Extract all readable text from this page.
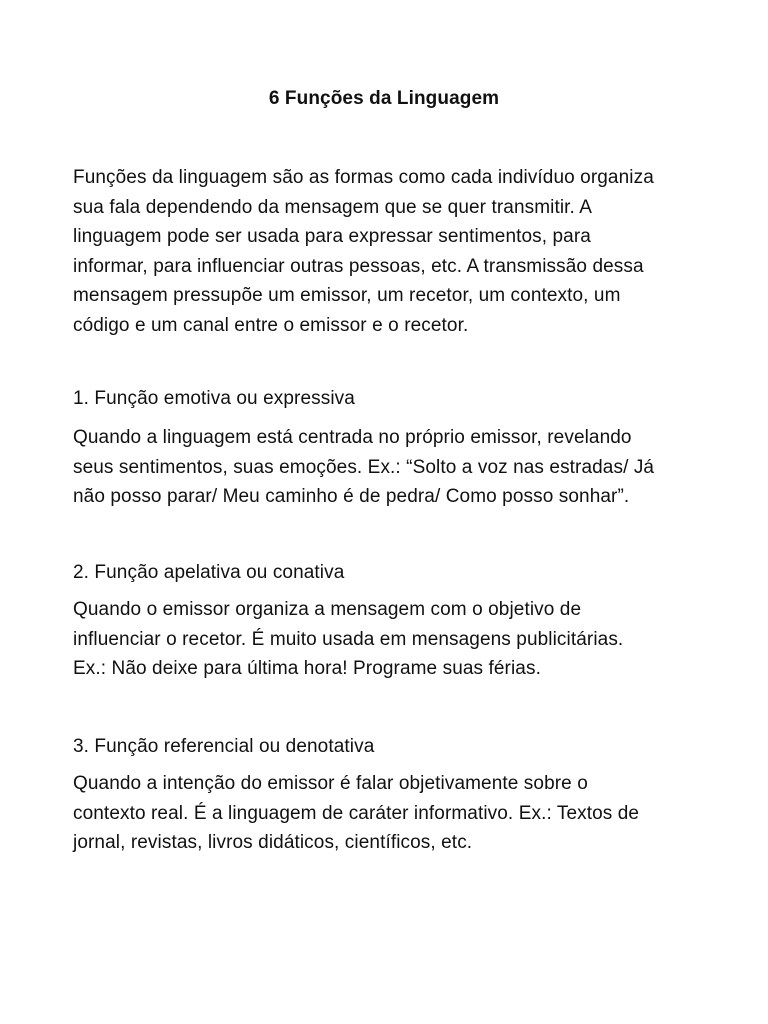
6 Funções da Linguagem

Funções da linguagem são as formas como cada indivíduo organiza
sua fala dependendo da mensagem que se quer transmitir. A
linguagem pode ser usada para expressar sentimentos, para
informar, para influenciar outras pessoas, etc. A transmissão dessa
mensagem pressupõe um emissor, um recetor, um contexto, um
código e um canal entre o emissor e o recetor.

1. Função emotiva ou expressiva

Quando a linguagem está centrada no próprio emissor, revelando
seus sentimentos, suas emoções. Ex.: “Solto a voz nas estradas/ Já
não posso parar/ Meu caminho é de pedra/ Como posso sonhar”.

2. Função apelativa ou conativa

Quando o emissor organiza a mensagem com o objetivo de
influenciar o recetor. É muito usada em mensagens publicitárias.
Ex.: Não deixe para última hora! Programe suas férias.

3. Função referencial ou denotativa

Quando a intenção do emissor é falar objetivamente sobre o
contexto real. É a linguagem de caráter informativo. Ex.: Textos de
jornal, revistas, livros didáticos, científicos, etc.
